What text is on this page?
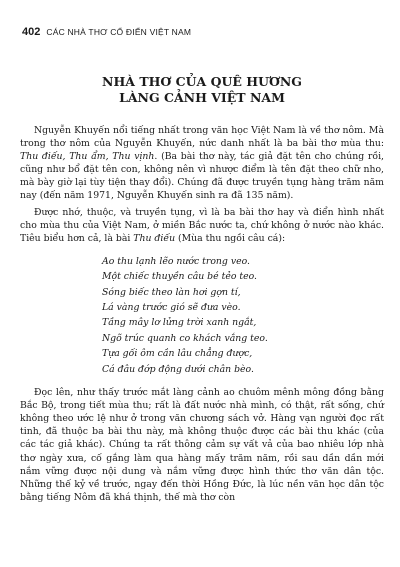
402 CÁC NHÀ THƠ CỔ ĐIỂN VIỆT NAM
NHÀ THƠ CỦA QUÊ HƯƠNG
LÀNG CẢNH VIỆT NAM

Nguyễn Khuyến nổi tiếng nhất trong văn học Việt Nam là về thơ nôm. Mà trong thơ nôm của Nguyễn Khuyến, nức danh nhất là ba bài thơ mùa thu: Thu điếu, Thu ẩm, Thu vịnh. (Ba bài thơ này, tác giả đặt tên cho chúng rồi, cũng như bổ đặt tên con, không nên vì nhược điểm là tên đặt theo chữ nho, mà bày giờ lại tùy tiện thay đổi). Chúng đã được truyền tụng hàng trăm năm nay (đến năm 1971, Nguyễn Khuyến sinh ra đã 135 năm).

Được nhớ, thuộc, và truyền tụng, vì là ba bài thơ hay và điển hình nhất cho mùa thu của Việt Nam, ở miền Bắc nước ta, chứ không ở nước nào khác. Tiêu biểu hơn cả, là bài Thu điếu (Mùa thu ngồi câu cá):

Ao thu lạnh lẽo nước trong veo.
Một chiếc thuyền câu bé tẻo teo.
Sóng biếc theo làn hơi gợn tí,
Lá vàng trước gió sẽ đưa vèo.
Tầng mây lơ lửng trời xanh ngắt,
Ngõ trúc quanh co khách vắng teo.
Tựa gối ôm cần lâu chẳng được,
Cá đâu đớp động dưới chân bèo.

Đọc lên, như thấy trước mắt làng cảnh ao chuôm mênh mông đồng bằng Bắc Bộ, trong tiết mùa thu; rất là đất nước nhà mình, có thật, rất sống, chứ không theo ước lệ như ở trong văn chương sách vở. Hàng vạn người đọc rất tinh, đã thuộc ba bài thu này, mà không thuộc được các bài thu khác (của các tác giả khác). Chúng ta rất thông cảm sự vất vả của bao nhiêu lớp nhà thơ ngày xưa, cố gắng làm qua hàng mấy trăm năm, rồi sau dần dần mới nắm vững được nội dung và nắm vững được hình thức thơ văn dân tộc. Những thế kỷ về trước, ngay đến thời Hồng Đức, là lúc nền văn học dân tộc bằng tiếng Nôm đã khá thịnh, thế mà thơ còn
